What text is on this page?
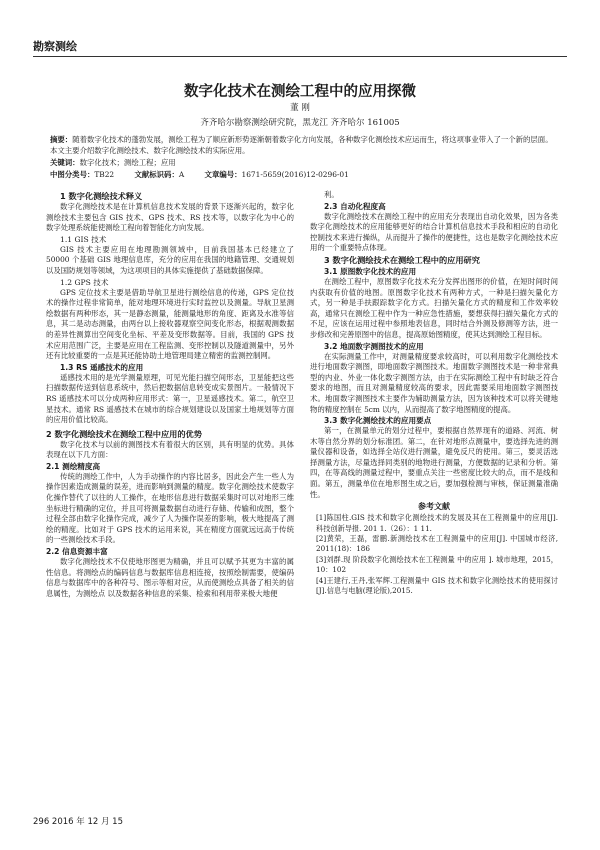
勘察测绘
数字化技术在测绘工程中的应用探微
董 刚
齐齐哈尔勘察测绘研究院，黑龙江 齐齐哈尔 161005
摘要：随着数字化技术的蓬勃发展，测绘工程为了顺应新形势逐渐朝着数字化方向发展，各种数字化测绘技术应运而生，将这项事业带入了一个新的层面。本文主要介绍数字化测绘技术、数字化测绘技术的实际应用。
关键词：数字化技术；测绘工程；应用
中图分类号：TB22	文献标识码：A	文章编号：1671-5659(2016)12-0296-01
1 数字化测绘技术释义

数字化测绘技术是在计算机信息技术发展的背景下逐渐兴起的，数字化测绘技术主要包含 GIS 技术、GPS 技术、RS 技术等，以数字化为中心的数字处理系统能使测绘工程向着智能化方向发展。

1.1 GIS 技术

GIS 技术主要应用在地理勘测领域中，目前我国基本已经建立了 50000 个基础 GIS 地理信息库，充分的应用在我国的地籍管理、交通规划以及国防规划等领域，为这项项目的具体实施提供了基础数据保障。

1.2 GPS 技术

GPS 定位技术主要是借助导航卫星进行测绘信息的传递，GPS 定位技术的操作过程非常简单，能对地理环境进行实时监控以及测量。导航卫星测绘数据有两种形态，其一是静态测量，能测量地形的角度、距离及水准等信息，其二是动态测量，由两台以上接收器观察空间变化形态，根据观测数据的差异性测算出空间变化坐标、平差及变形数据等。目前，我国的 GPS 技术应用范围广泛，主要是应用在工程监测、变形控制以及隧道测量中，另外还有比较重要的一点是其还能协助土地管理局建立精密的监测控制网。

1.3 RS 遥感技术的应用

遥感技术用的是光学测量原理，可见光能扫描空间形态，卫星能把这些扫描数据传送到信息系统中，然后把数据信息转变成实景图片。一般情况下 RS 遥感技术可以分成两种应用形式：第一，卫星遥感技术。第二，航空卫星技术。通常 RS 遥感技术在城市的综合规划建设以及国家土地规划等方面的应用价值比较高。

2 数字化测绘技术在测绘工程中应用的优势

数字化技术与以前的测图技术有着很大的区别，具有明显的优势。具体表现在以下几方面：

2.1 测绘精度高

传统的测绘工作中，人为手动操作的内容比居多，因此会产生一些人为操作因素造成测量的误差，进而影响到测量的精度。数字化测绘技术使数字化操作替代了以往的人工操作，在地形信息进行数据采集时可以对地形三维坐标进行精确的定位，并且可将测量数据自动进行存储、传输和成图，整个过程全部由数字化操作完成，减少了人为操作误差的影响，极大地提高了测绘的精度。比如对于 GPS 技术的运用来说，其在精度方面就远远高于传统的一些测绘技术手段。

2.2 信息资源丰富

数字化测绘技术不仅使地形图更为精确，并且可以赋予其更为丰富的属性信息。将测绘点的编码信息与数据库信息相连接，按照绘制需要，使编码信息与数据库中的各种符号、图示等相对应，从而使测绘点具备了相关的信息属性，为测绘点 以及数据各种信息的采集、检索和利用带来极大地便

利。

2.3 自动化程度高

数字化测绘技术在测绘工程中的应用充分表现出自动化效果，因为各类数字化测绘技术的应用能够更好的结合计算机信息技术手段和相应的自动化控制技术来进行操纵，从而提升了操作的便捷性，这也是数字化测绘技术应用的一个重要特点体现。

3 数字化测绘技术在测绘工程中的应用研究
3.1 原图数字化技术的应用

在测绘工程中，原图数字化技术充分发挥出图形的价值，在短时间时间内获取有价值的地图。原图数字化技术有两种方式，一种是扫描矢量化方式，另一种是手扶跟踪数字化方式。扫描矢量化方式的精度和工作效率较高，通常只在测绘工程中作为一种应急性措施，要想获得扫描矢量化方式的不足，应该在运用过程中参照地表信息，同时结合外测及修测等方法，进一步修改和完善原图中的信息，提高原始图精度，使其达到测绘工程目标。

3.2 地面数字测图技术的应用

在实际测量工作中，对测量精度要求较高时，可以利用数字化测绘技术进行地面数字测图，即地面数字测图技术。地面数字测图技术是一种非常典型的内业、外业一体化数字测图方法，由于在实际测绘工程中有时缺乏符合要求的地图，而且对测量精度较高的要求，因此需要采用地面数字测图技术。地面数字测图技术主要作为辅助测量方法，因为该种技术可以将关键地物的精度控制在 5cm 以内，从而提高了数字地图精度的提高。

3.3 数字化测绘技术的应用要点

第一，在测量单元的划分过程中，要根据自然界现有的道路、河流、树木等自然分界的划分标准团。第二，在针对地形点测量中，要选择先进的测量仪器和设备，如选择全站仪进行测量，避免反尺的使用。第三，要灵活选择测量方法，尽量选择同类别的地物进行测量，方便数据的记录和分析。第四，在等高线的测量过程中，要重点关注一些密度比较大的点，而不是线和面。第五，测量单位在地形图生成之后，要加强检测与审核，保证测量准确性。

参考文献

[1]陈国柱.GIS 技术和数字化测绘技术的发展及其在工程测量中的应用[J]. 科技创新导报. 201 1.（26）：1 11.

[2]黄荣，王磊，雷鹏.新测绘技术在工程测量中的应用[J]. 中国城市经济, 2011(18)：186

[3]刘群.现 阶段数字化测绘技术在工程测量 中的应用 ]. 城市地理，2015，10：102

[4]王建行,王丹,张军辉.工程测量中 GIS 技术和数字化测绘技术的使用探讨[J].信息与电脑(理论版),2015.

296 2016 年 12 月 15
